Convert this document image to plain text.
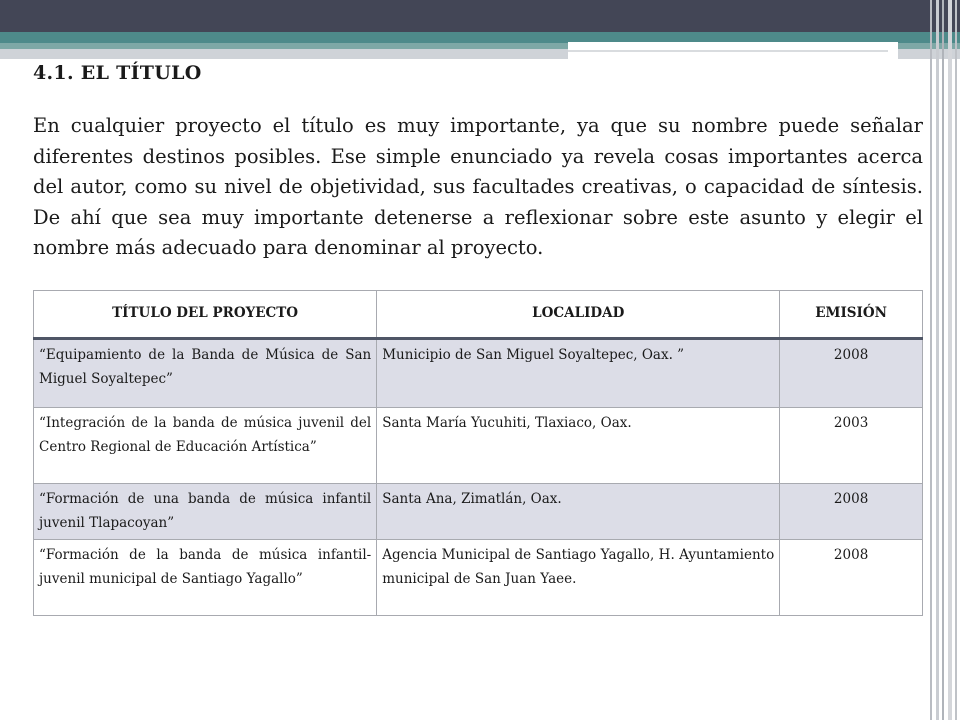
4.1. EL TÍTULO
En cualquier proyecto el título es muy importante, ya que su nombre puede señalar diferentes destinos posibles. Ese simple enunciado ya revela cosas importantes acerca del autor, como su nivel de objetividad, sus facultades creativas, o capacidad de síntesis. De ahí que sea muy importante detenerse a reflexionar sobre este asunto y elegir el nombre más adecuado para denominar al proyecto.
TÍTULO DEL PROYECTO	LOCALIDAD	EMISIÓN
“Equipamiento de la Banda de Música de San Miguel Soyaltepec”	Municipio de San Miguel Soyaltepec, Oax. ”	2008
“Integración de la banda de música juvenil del Centro Regional de Educación Artística”	Santa María Yucuhiti, Tlaxiaco, Oax.	2003
“Formación de una banda de música infantil juvenil Tlapacoyan”	Santa Ana, Zimatlán, Oax.	2008
“Formación de la banda de música infantil-juvenil municipal de Santiago Yagallo”	Agencia Municipal de Santiago Yagallo, H. Ayuntamiento municipal de San Juan Yaee.	2008
